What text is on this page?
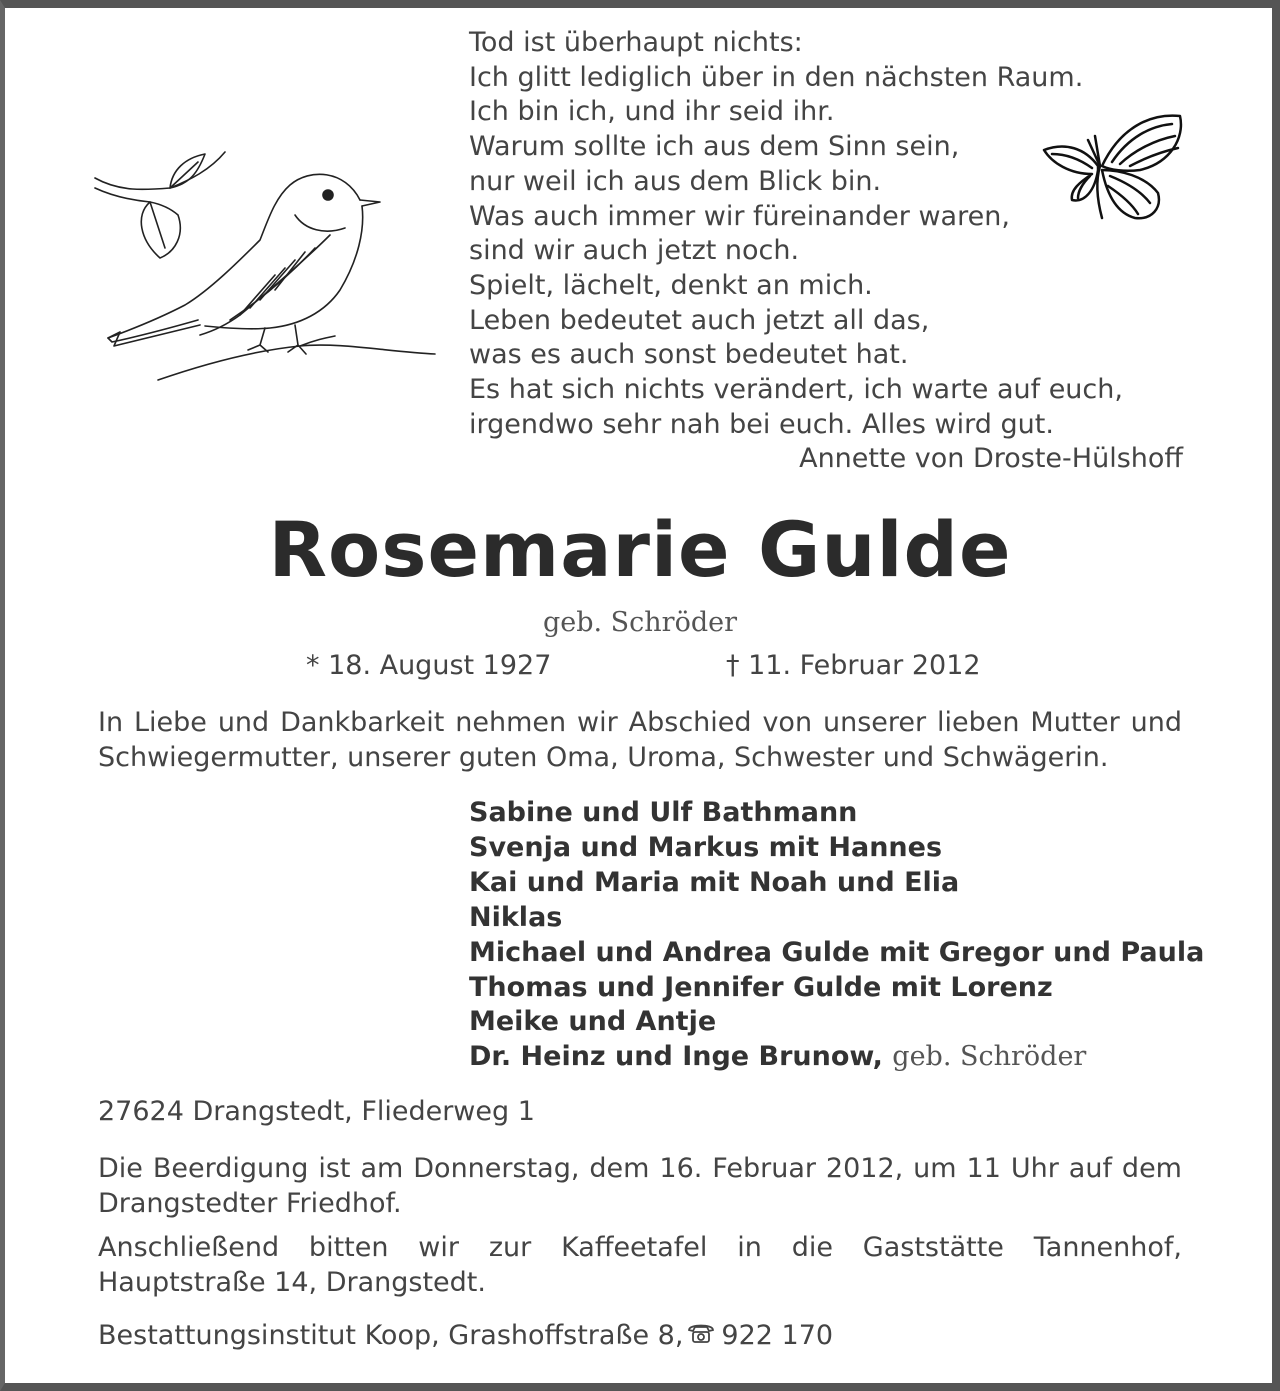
Tod ist überhaupt nichts:
Ich glitt lediglich über in den nächsten Raum.
Ich bin ich, und ihr seid ihr.
Warum sollte ich aus dem Sinn sein,
nur weil ich aus dem Blick bin.
Was auch immer wir füreinander waren,
sind wir auch jetzt noch.
Spielt, lächelt, denkt an mich.
Leben bedeutet auch jetzt all das,
was es auch sonst bedeutet hat.
Es hat sich nichts verändert, ich warte auf euch,
irgendwo sehr nah bei euch. Alles wird gut.
Annette von Droste-Hülshoff
Rosemarie Gulde
geb. Schröder
* 18. August 1927	† 11. Februar 2012
In Liebe und Dankbarkeit nehmen wir Abschied von unserer lieben Mutter und Schwiegermutter, unserer guten Oma, Uroma, Schwester und Schwägerin.
Sabine und Ulf Bathmann
Svenja und Markus mit Hannes
Kai und Maria mit Noah und Elia
Niklas
Michael und Andrea Gulde mit Gregor und Paula
Thomas und Jennifer Gulde mit Lorenz
Meike und Antje
Dr. Heinz und Inge Brunow, geb. Schröder
27624 Drangstedt, Fliederweg 1
Die Beerdigung ist am Donnerstag, dem 16. Februar 2012, um 11 Uhr auf dem Drangstedter Friedhof.
Anschließend bitten wir zur Kaffeetafel in die Gaststätte Tannenhof, Hauptstraße 14, Drangstedt.
Bestattungsinstitut Koop, Grashoffstraße 8, 922 170
